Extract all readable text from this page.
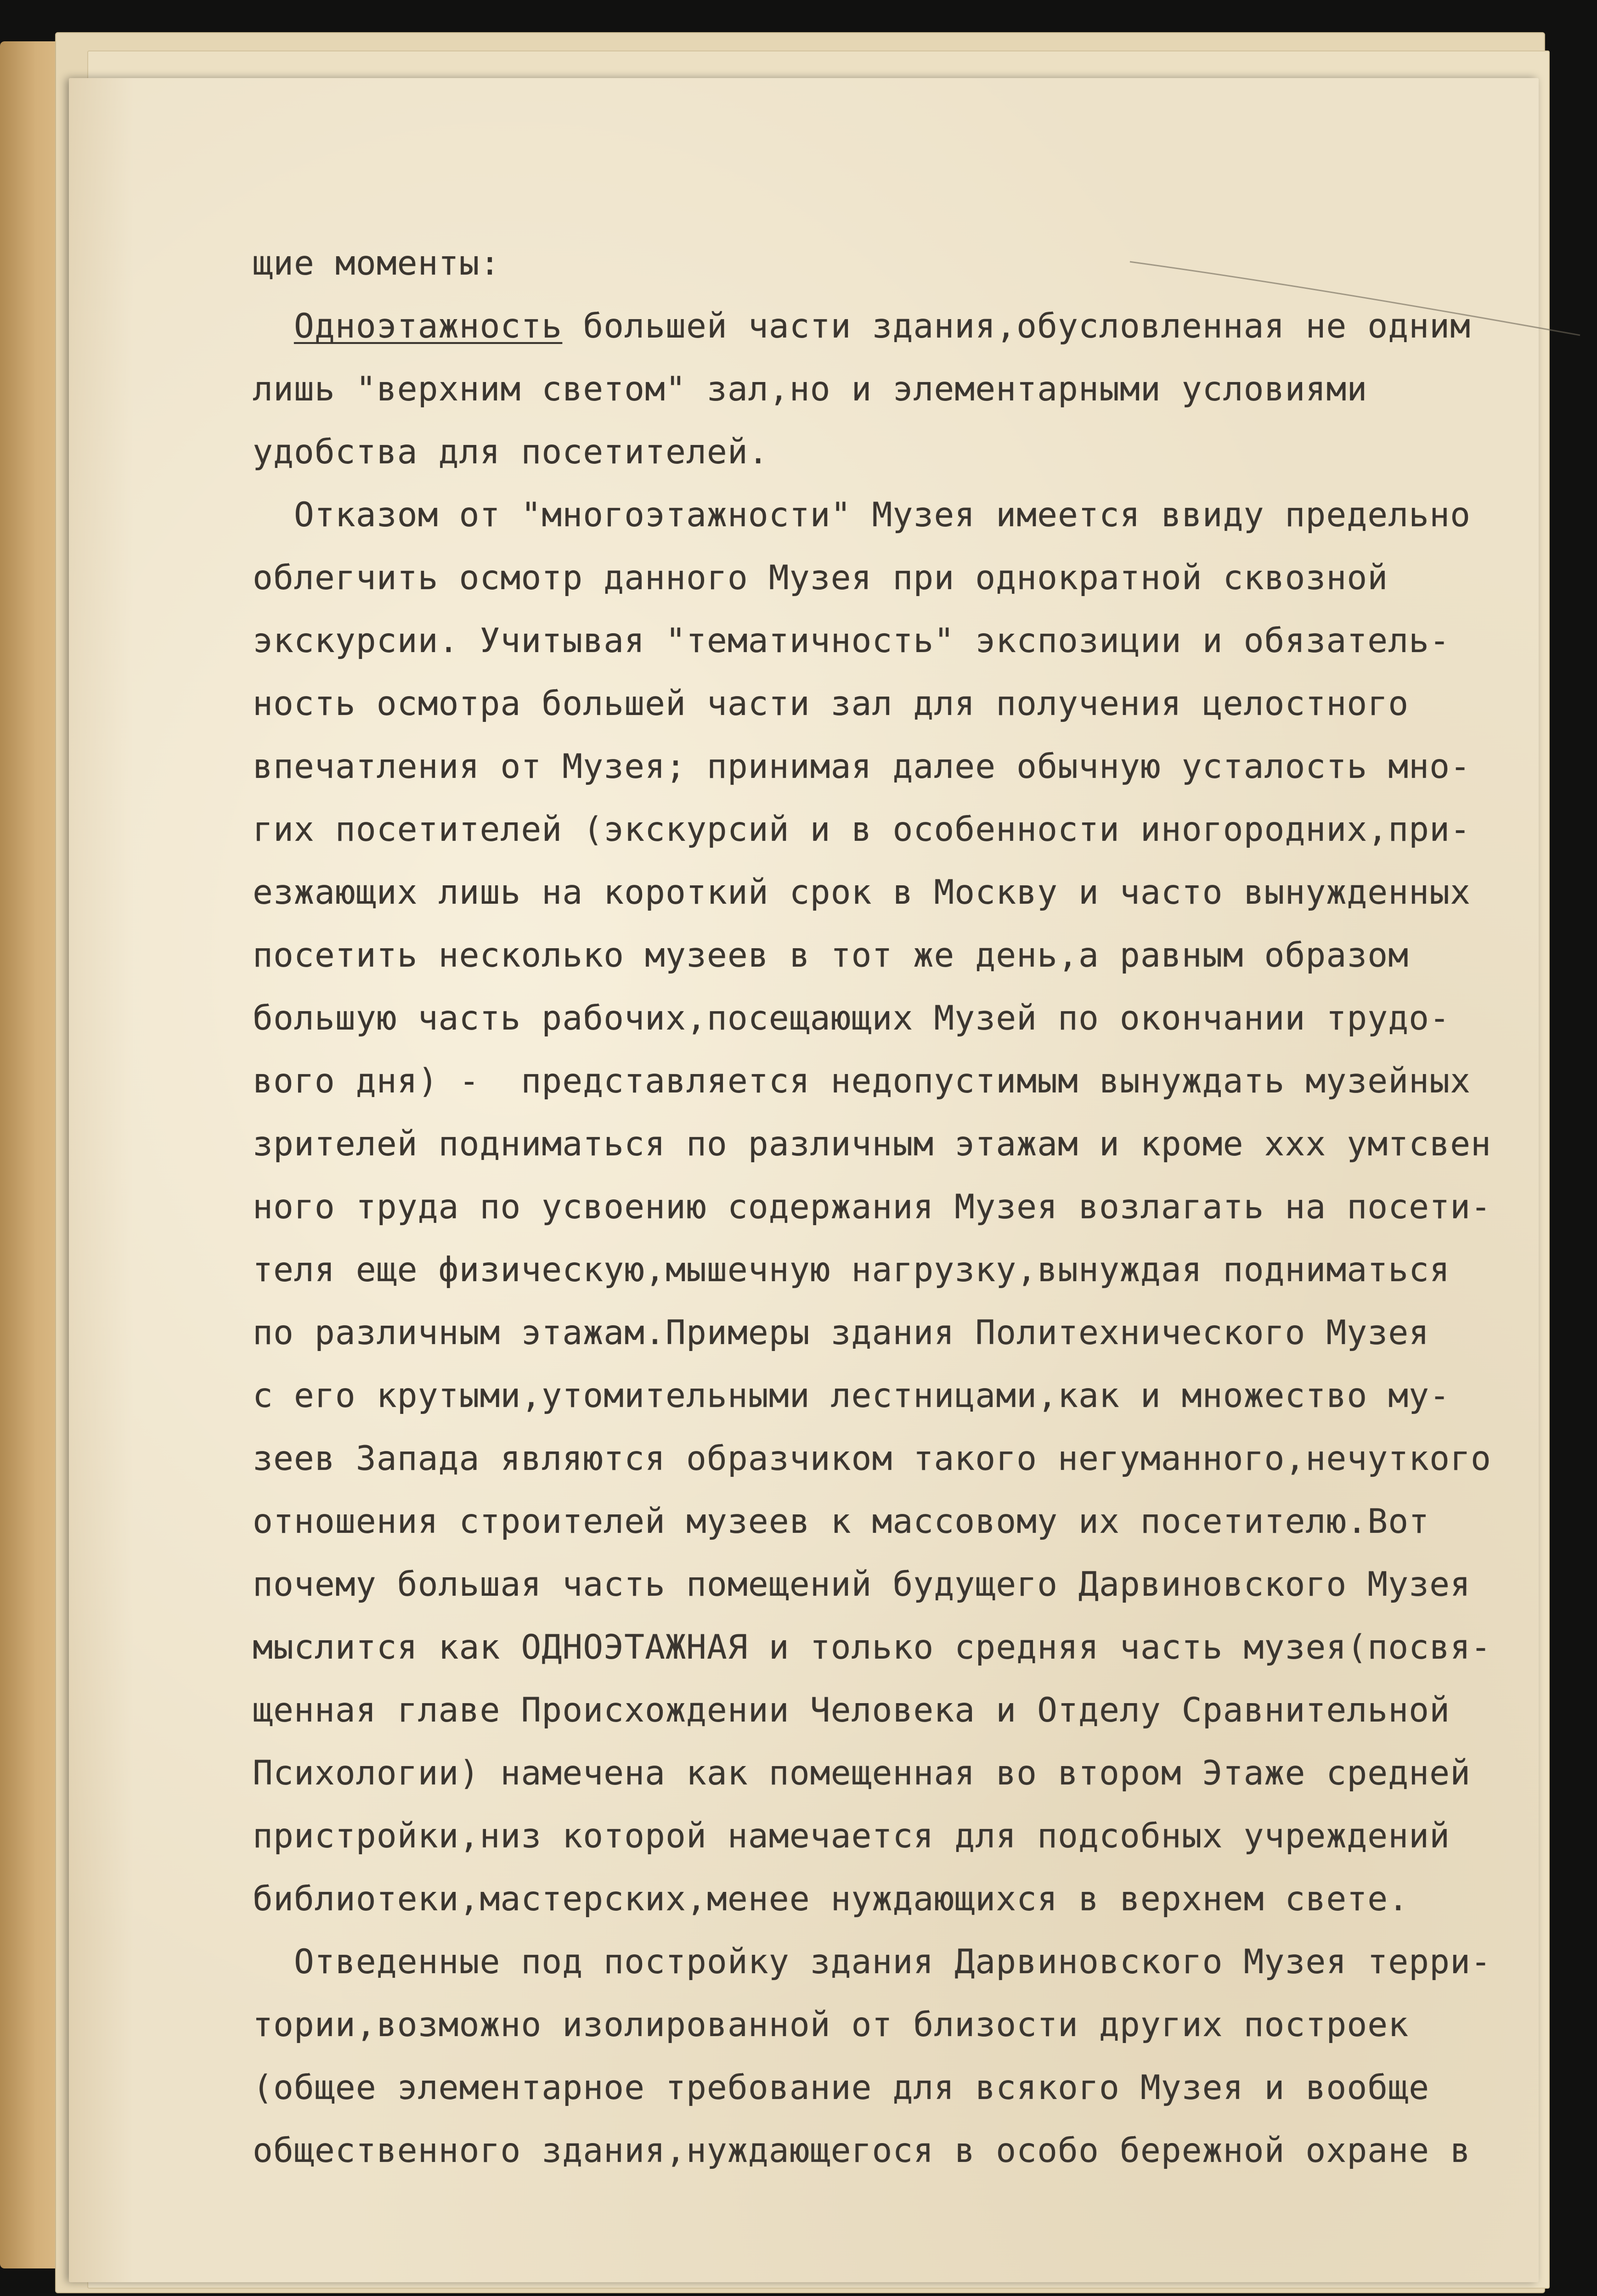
щие моменты:
Одноэтажность большей части здания,обусловленная не одним
лишь "верхним светом" зал,но и элементарными условиями
удобства для посетителей.
Отказом от "многоэтажности" Музея имеется ввиду предельно
облегчить осмотр данного Музея при однократной сквозной
экскурсии. Учитывая "тематичность" экспозиции и обязатель-
ность осмотра большей части зал для получения целостного
впечатления от Музея; принимая далее обычную усталость мно-
гих посетителей (экскурсий и в особенности иногородних,при-
езжающих лишь на короткий срок в Москву и часто вынужденных
посетить несколько музеев в тот же день,а равным образом
большую часть рабочих,посещающих Музей по окончании трудо-
вого дня) -  представляется недопустимым вынуждать музейных
зрителей подниматься по различным этажам и кроме xxx умтсвен
ного труда по усвоению содержания Музея возлагать на посети-
теля еще физическую,мышечную нагрузку,вынуждая подниматься
по различным этажам.Примеры здания Политехнического Музея
с его крутыми,утомительными лестницами,как и множество му-
зеев Запада являются образчиком такого негуманного,нечуткого
отношения строителей музеев к массовому их посетителю.Вот
почему большая часть помещений будущего Дарвиновского Музея
мыслится как ОДНОЭТАЖНАЯ и только средняя часть музея(посвя-
щенная главе Происхождении Человека и Отделу Сравнительной
Психологии) намечена как помещенная во втором Этаже средней
пристройки,низ которой намечается для подсобных учреждений
библиотеки,мастерских,менее нуждающихся в верхнем свете.
Отведенные под постройку здания Дарвиновского Музея терри-
тории,возможно изолированной от близости других построек
(общее элементарное требование для всякого Музея и вообще
общественного здания,нуждающегося в особо бережной охране в
